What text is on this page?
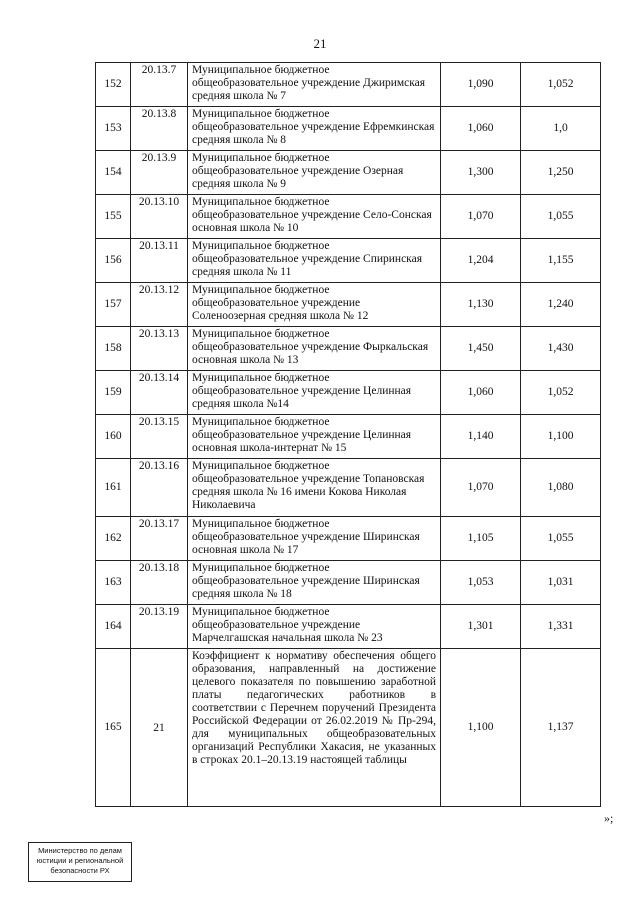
21
152	20.13.7	Муниципальное бюджетное общеобразовательное учреждение Джиримская средняя школа № 7	1,090	1,052
153	20.13.8	Муниципальное бюджетное общеобразовательное учреждение Ефремкинская средняя школа № 8	1,060	1,0
154	20.13.9	Муниципальное бюджетное общеобразовательное учреждение Озерная средняя школа № 9	1,300	1,250
155	20.13.10	Муниципальное бюджетное общеобразовательное учреждение Село-Сонская основная школа № 10	1,070	1,055
156	20.13.11	Муниципальное бюджетное общеобразовательное учреждение Спиринская средняя школа № 11	1,204	1,155
157	20.13.12	Муниципальное бюджетное общеобразовательное учреждение Соленоозерная средняя школа № 12	1,130	1,240
158	20.13.13	Муниципальное бюджетное общеобразовательное учреждение Фыркальская основная школа № 13	1,450	1,430
159	20.13.14	Муниципальное бюджетное общеобразовательное учреждение Целинная средняя школа №14	1,060	1,052
160	20.13.15	Муниципальное бюджетное общеобразовательное учреждение Целинная основная школа-интернат № 15	1,140	1,100
161	20.13.16	Муниципальное бюджетное общеобразовательное учреждение Топановская средняя школа № 16 имени Кокова Николая Николаевича	1,070	1,080
162	20.13.17	Муниципальное бюджетное общеобразовательное учреждение Ширинская основная школа № 17	1,105	1,055
163	20.13.18	Муниципальное бюджетное общеобразовательное учреждение Ширинская средняя школа № 18	1,053	1,031
164	20.13.19	Муниципальное бюджетное общеобразовательное учреждение Марчелгашская начальная школа № 23	1,301	1,331
165	21	Коэффициент к нормативу обеспечения общего образования, направленный на достижение целевого показателя по повышению заработной платы педагогических работников в соответствии с Перечнем поручений Президента Российской Федерации от 26.02.2019 № Пр-294, для муниципальных общеобразовательных организаций Республики Хакасия, не указанных в строках 20.1–20.13.19 настоящей таблицы	1,100	1,137
»;
Министерство по делам
юстиции и региональной
безопасности РХ
